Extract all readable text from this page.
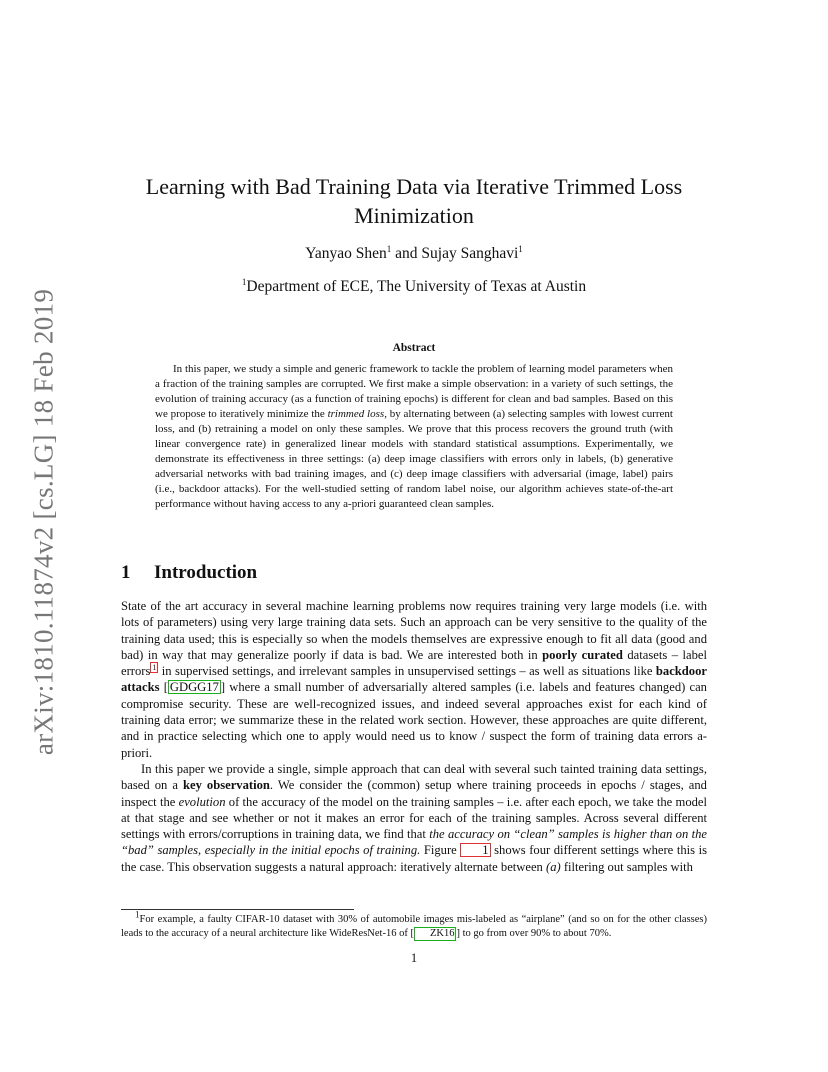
arXiv:1810.11874v2 [cs.LG] 18 Feb 2019
Learning with Bad Training Data via Iterative Trimmed Loss Minimization
Yanyao Shen$^1$ and Sujay Sanghavi$^1$
$^1$Department of ECE, The University of Texas at Austin
Abstract
In this paper, we study a simple and generic framework to tackle the problem of learning model parameters when a fraction of the training samples are corrupted. We first make a simple observation: in a variety of such settings, the evolution of training accuracy (as a function of training epochs) is different for clean and bad samples. Based on this we propose to iteratively minimize the trimmed loss, by alternating between (a) selecting samples with lowest current loss, and (b) retraining a model on only these samples. We prove that this process recovers the ground truth (with linear convergence rate) in generalized linear models with standard statistical assumptions. Experimentally, we demonstrate its effectiveness in three settings: (a) deep image classifiers with errors only in labels, (b) generative adversarial networks with bad training images, and (c) deep image classifiers with adversarial (image, label) pairs (i.e., backdoor attacks). For the well-studied setting of random label noise, our algorithm achieves state-of-the-art performance without having access to any a-priori guaranteed clean samples.
1 Introduction

State of the art accuracy in several machine learning problems now requires training very large models (i.e. with lots of parameters) using very large training data sets. Such an approach can be very sensitive to the quality of the training data used; this is especially so when the models themselves are expressive enough to fit all data (good and bad) in way that may generalize poorly if data is bad. We are interested both in poorly curated datasets – label errors $^1$ in supervised settings, and irrelevant samples in unsupervised settings – as well as situations like backdoor attacks [ GDGG17 ] where a small number of adversarially altered samples (i.e. labels and features changed) can compromise security. These are well-recognized issues, and indeed several approaches exist for each kind of training data error; we summarize these in the related work section. However, these approaches are quite different, and in practice selecting which one to apply would need us to know / suspect the form of training data errors a-priori.

In this paper we provide a single, simple approach that can deal with several such tainted training data settings, based on a key observation. We consider the (common) setup where training proceeds in epochs / stages, and inspect the evolution of the accuracy of the model on the training samples – i.e. after each epoch, we take the model at that stage and see whether or not it makes an error for each of the training samples. Across several different settings with errors/corruptions in training data, we find that the accuracy on “clean” samples is higher than on the “bad” samples, especially in the initial epochs of training. Figure 1 shows four different settings where this is the case. This observation suggests a natural approach: iteratively alternate between (a) filtering out samples with

$^1$For example, a faulty CIFAR-10 dataset with 30% of automobile images mis-labeled as “airplane” (and so on for the other classes) leads to the accuracy of a neural architecture like WideResNet-16 of [ ZK16 ] to go from over 90% to about 70%.
1
